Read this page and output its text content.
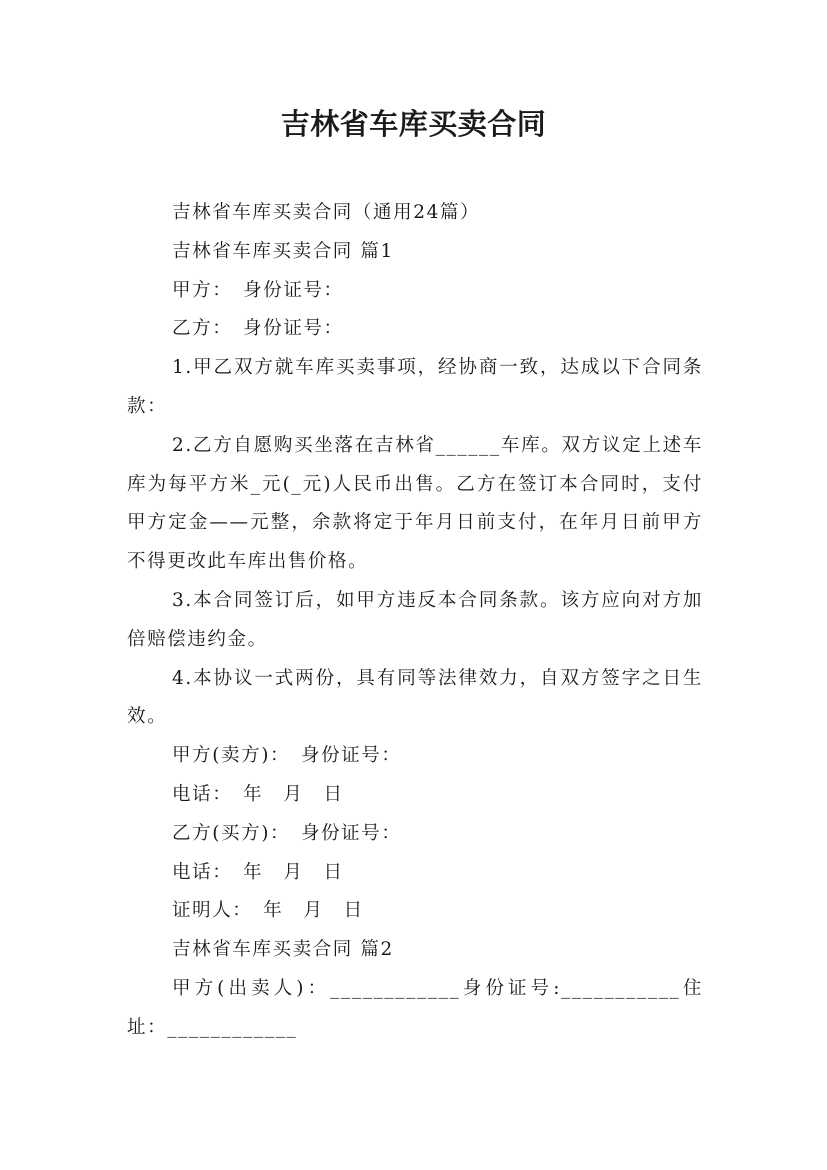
吉林省车库买卖合同

吉林省车库买卖合同（通用24篇）

吉林省车库买卖合同 篇1

甲方：　身份证号：

乙方：　身份证号：

1.甲乙双方就车库买卖事项，经协商一致，达成以下合同条款：

2.乙方自愿购买坐落在吉林省______车库。双方议定上述车库为每平方米_元(_元)人民币出售。乙方在签订本合同时，支付甲方定金——元整，余款将定于年月日前支付，在年月日前甲方不得更改此车库出售价格。

3.本合同签订后，如甲方违反本合同条款。该方应向对方加倍赔偿违约金。

4.本协议一式两份，具有同等法律效力，自双方签字之日生效。

甲方(卖方)：　身份证号：

电话：　年　月　日

乙方(买方)：　身份证号：

电话：　年　月　日

证明人：　年　月　日

吉林省车库买卖合同 篇2

甲方(出卖人)：____________身份证号:___________住址：____________
